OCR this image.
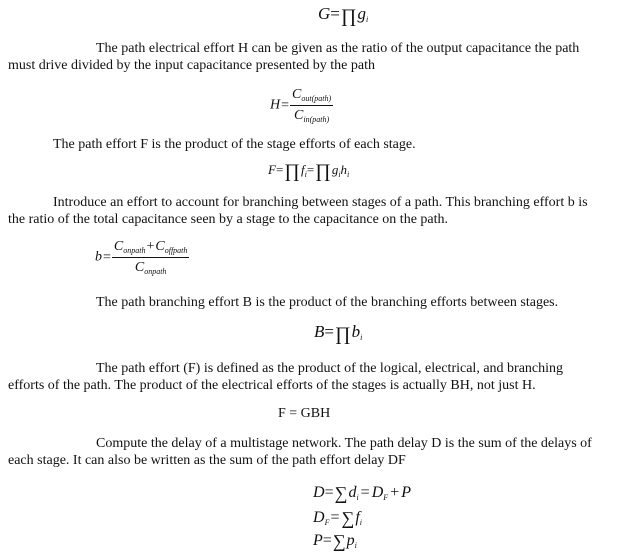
$G=\prod g_i$

The path electrical effort H can be given as the ratio of the output capacitance the path must drive divided by the input capacitance presented by the path

$H= \frac{C_{out(path)}}{C_{in(path)}}$

The path effort F is the product of the stage efforts of each stage.

$F=\prod f_i=\prod g_ih_i$

Introduce an effort to account for branching between stages of a path. This branching effort b is the ratio of the total capacitance seen by a stage to the capacitance on the path.

$b= \frac{C_{onpath}+C_{offpath}}{C_{onpath}}$

The path branching effort B is the product of the branching efforts between stages.

$B=\prod b_i$

The path effort (F) is defined as the product of the logical, electrical, and branching efforts of the path. The product of the electrical efforts of the stages is actually BH, not just H.

F = GBH

Compute the delay of a multistage network. The path delay D is the sum of the delays of each stage. It can also be written as the sum of the path effort delay DF

$D=\sum d_i = D_F + P$
$D_F= \sum f_i$
$P=\sum p_i$
